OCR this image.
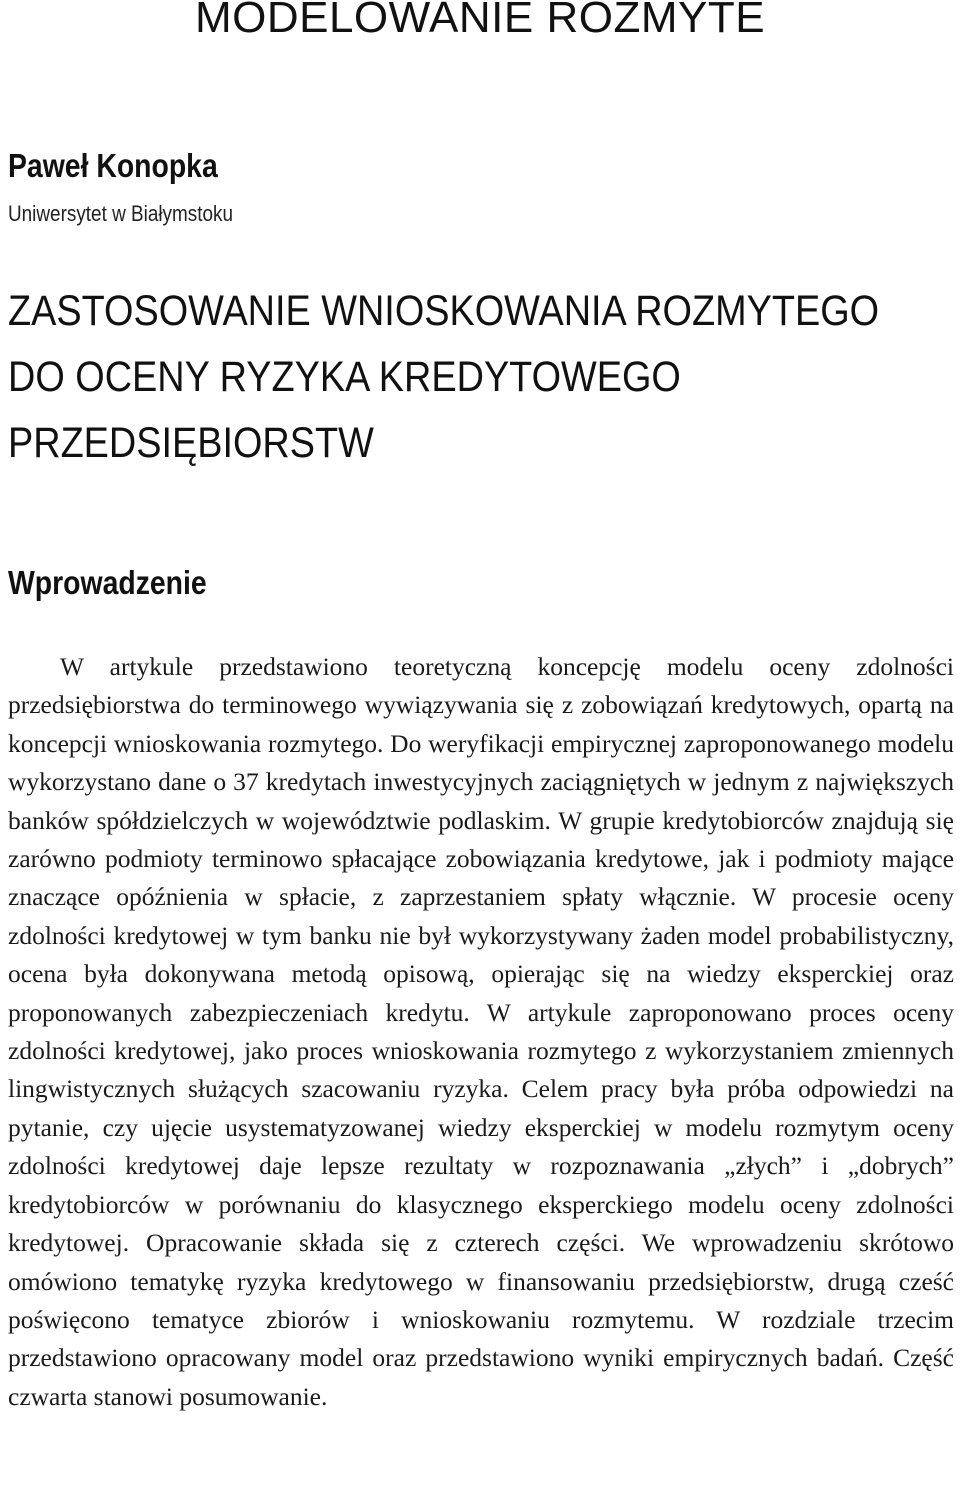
MODELOWANIE ROZMYTE
Paweł Konopka

Uniwersytet w Białymstoku

ZASTOSOWANIE WNIOSKOWANIA ROZMYTEGO
DO OCENY RYZYKA KREDYTOWEGO
PRZEDSIĘBIORSTW
Wprowadzenie

W artykule przedstawiono teoretyczną koncepcję modelu oceny zdolności przedsiębiorstwa do terminowego wywiązywania się z zobowiązań kredytowych, opartą na koncepcji wnioskowania rozmytego. Do weryfikacji empirycznej zaproponowanego modelu wykorzystano dane o 37 kredytach inwestycyjnych zaciągniętych w jednym z największych banków spółdzielczych w województwie podlaskim. W grupie kredytobiorców znajdują się zarówno podmioty terminowo spłacające zobowiązania kredytowe, jak i podmioty mające znaczące opóźnienia w spłacie, z zaprzestaniem spłaty włącznie. W procesie oceny zdolności kredytowej w tym banku nie był wykorzystywany żaden model probabilistyczny, ocena była dokonywana metodą opisową, opierając się na wiedzy eksperckiej oraz proponowanych zabezpieczeniach kredytu. W artykule zaproponowano proces oceny zdolności kredytowej, jako proces wnioskowania rozmytego z wykorzystaniem zmiennych lingwistycznych służących szacowaniu ryzyka. Celem pracy była próba odpowiedzi na pytanie, czy ujęcie usystematyzowanej wiedzy eksperckiej w modelu rozmytym oceny zdolności kredytowej daje lepsze rezultaty w rozpoznawania „złych” i „dobrych” kredytobiorców w porównaniu do klasycznego eksperckiego modelu oceny zdolności kredytowej. Opracowanie składa się z czterech części. We wprowadzeniu skrótowo omówiono tematykę ryzyka kredytowego w finansowaniu przedsiębiorstw, drugą cześć poświęcono tematyce zbiorów i wnioskowaniu rozmytemu. W rozdziale trzecim przedstawiono opracowany model oraz przedstawiono wyniki empirycznych badań. Część czwarta stanowi posumowanie.
